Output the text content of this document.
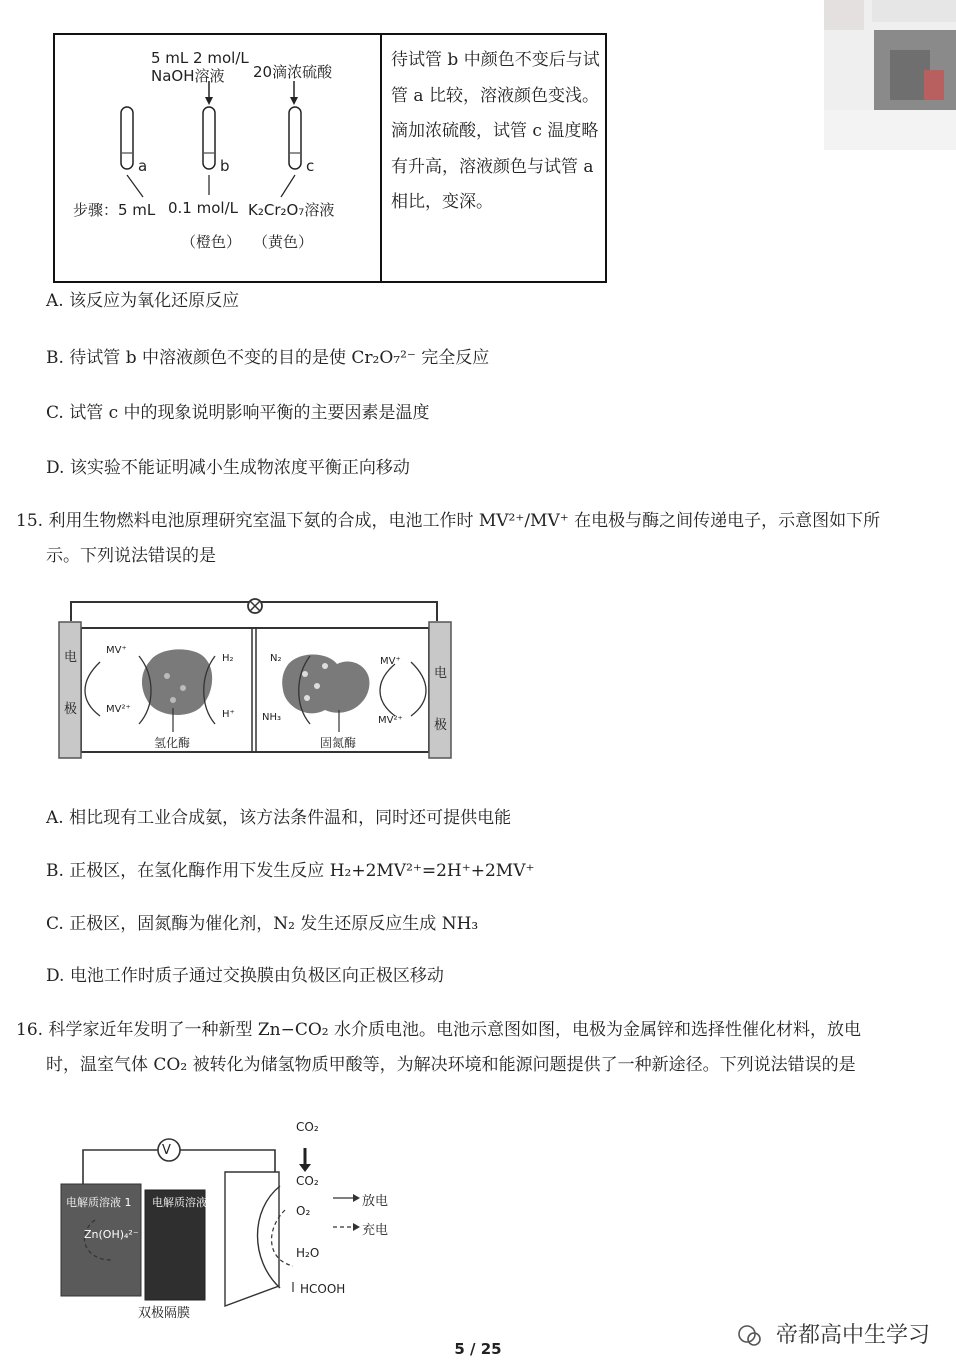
5 mL 2 mol/L
NaOH溶液 20滴浓硫酸
a	b	c
步骤：5 mL 0.1 mol/L K₂Cr₂O₇溶液
（橙色） （黄色）
待试管 b 中颜色不变后与试管 a 比较，溶液颜色变浅。滴加浓硫酸，试管 c 温度略有升高，溶液颜色与试管 a 相比，变深。
A. 该反应为氧化还原反应
B. 待试管 b 中溶液颜色不变的目的是使 Cr₂O₇²⁻ 完全反应
C. 试管 c 中的现象说明影响平衡的主要因素是温度
D. 该实验不能证明减小生成物浓度平衡正向移动
15. 利用生物燃料电池原理研究室温下氨的合成，电池工作时 MV²⁺/MV⁺ 在电极与酶之间传递电子，示意图如下所
示。下列说法错误的是
电
极
电
极
MV⁺
MV²⁺
H₂
H⁺
氢化酶
N₂
NH₃
MV⁺
MV²⁺
固氮酶
A. 相比现有工业合成氨，该方法条件温和，同时还可提供电能
B. 正极区，在氢化酶作用下发生反应 H₂+2MV²⁺=2H⁺+2MV⁺
C. 正极区，固氮酶为催化剂，N₂ 发生还原反应生成 NH₃
D. 电池工作时质子通过交换膜由负极区向正极区移动
16. 科学家近年发明了一种新型 Zn−CO₂ 水介质电池。电池示意图如图，电极为金属锌和选择性催化材料，放电
时，温室气体 CO₂ 被转化为储氢物质甲酸等，为解决环境和能源问题提供了一种新途径。下列说法错误的是
V
电解质溶液 1 电解质溶液 2
Zn(OH)₄²⁻
CO₂
CO₂
O₂
H₂O
HCOOH
放电
充电
双极隔膜
5 / 25
帝都高中生学习
